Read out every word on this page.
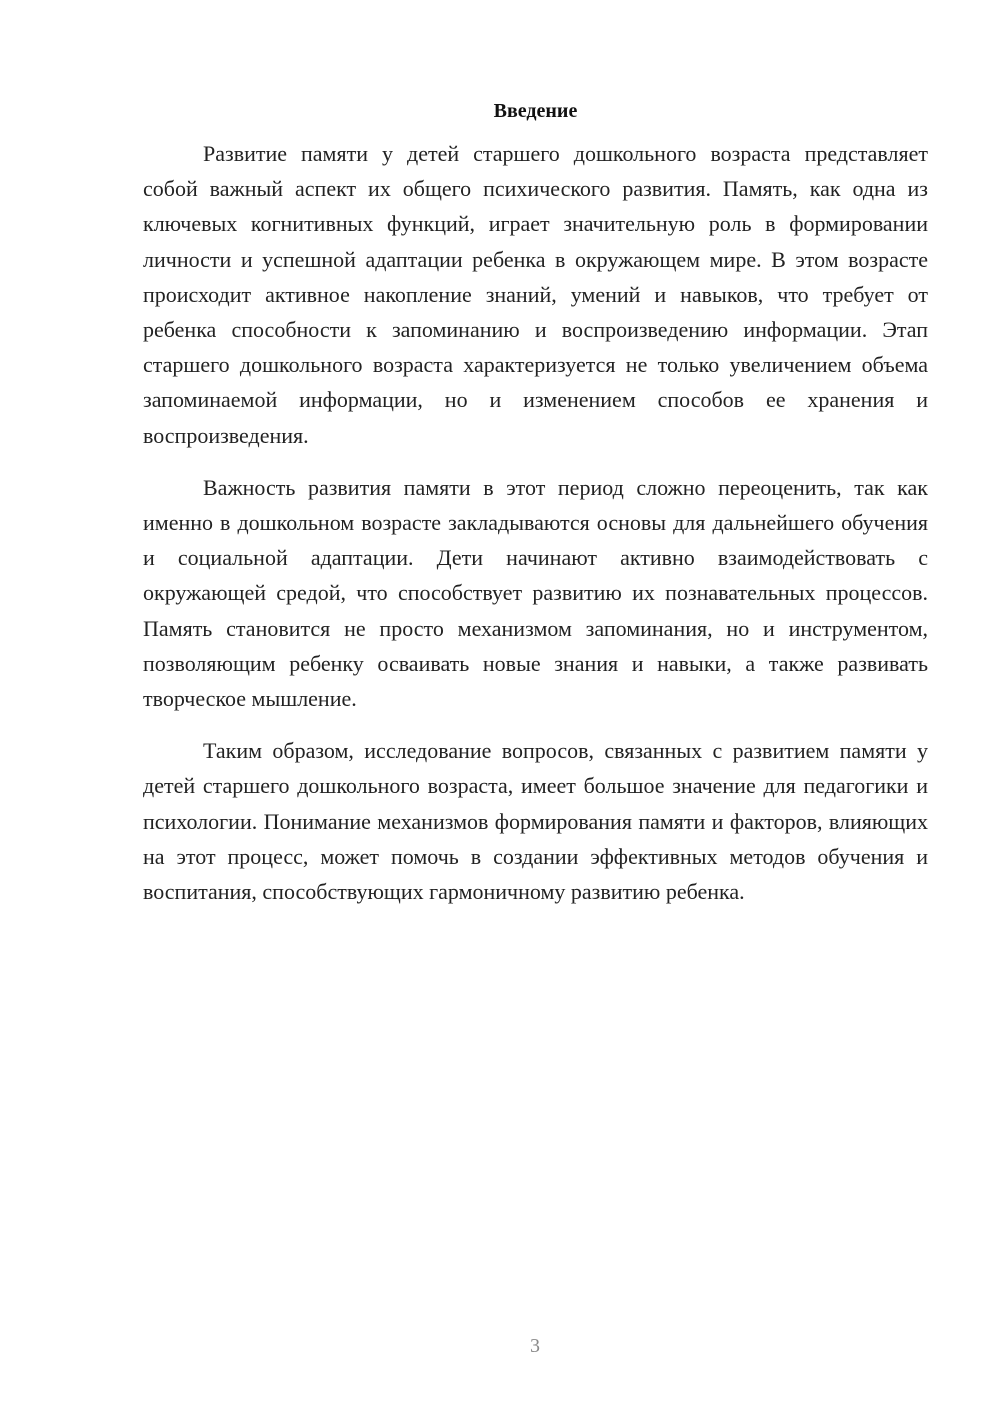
Введение

Развитие памяти у детей старшего дошкольного возраста представляет собой важный аспект их общего психического развития. Память, как одна из ключевых когнитивных функций, играет значительную роль в формировании личности и успешной адаптации ребенка в окружающем мире. В этом возрасте происходит активное накопление знаний, умений и навыков, что требует от ребенка способности к запоминанию и воспроизведению информации. Этап старшего дошкольного возраста характеризуется не только увеличением объема запоминаемой информации, но и изменением способов ее хранения и воспроизведения.

Важность развития памяти в этот период сложно переоценить, так как именно в дошкольном возрасте закладываются основы для дальнейшего обучения и социальной адаптации. Дети начинают активно взаимодействовать с окружающей средой, что способствует развитию их познавательных процессов. Память становится не просто механизмом запоминания, но и инструментом, позволяющим ребенку осваивать новые знания и навыки, а также развивать творческое мышление.

Таким образом, исследование вопросов, связанных с развитием памяти у детей старшего дошкольного возраста, имеет большое значение для педагогики и психологии. Понимание механизмов формирования памяти и факторов, влияющих на этот процесс, может помочь в создании эффективных методов обучения и воспитания, способствующих гармоничному развитию ребенка.

3
